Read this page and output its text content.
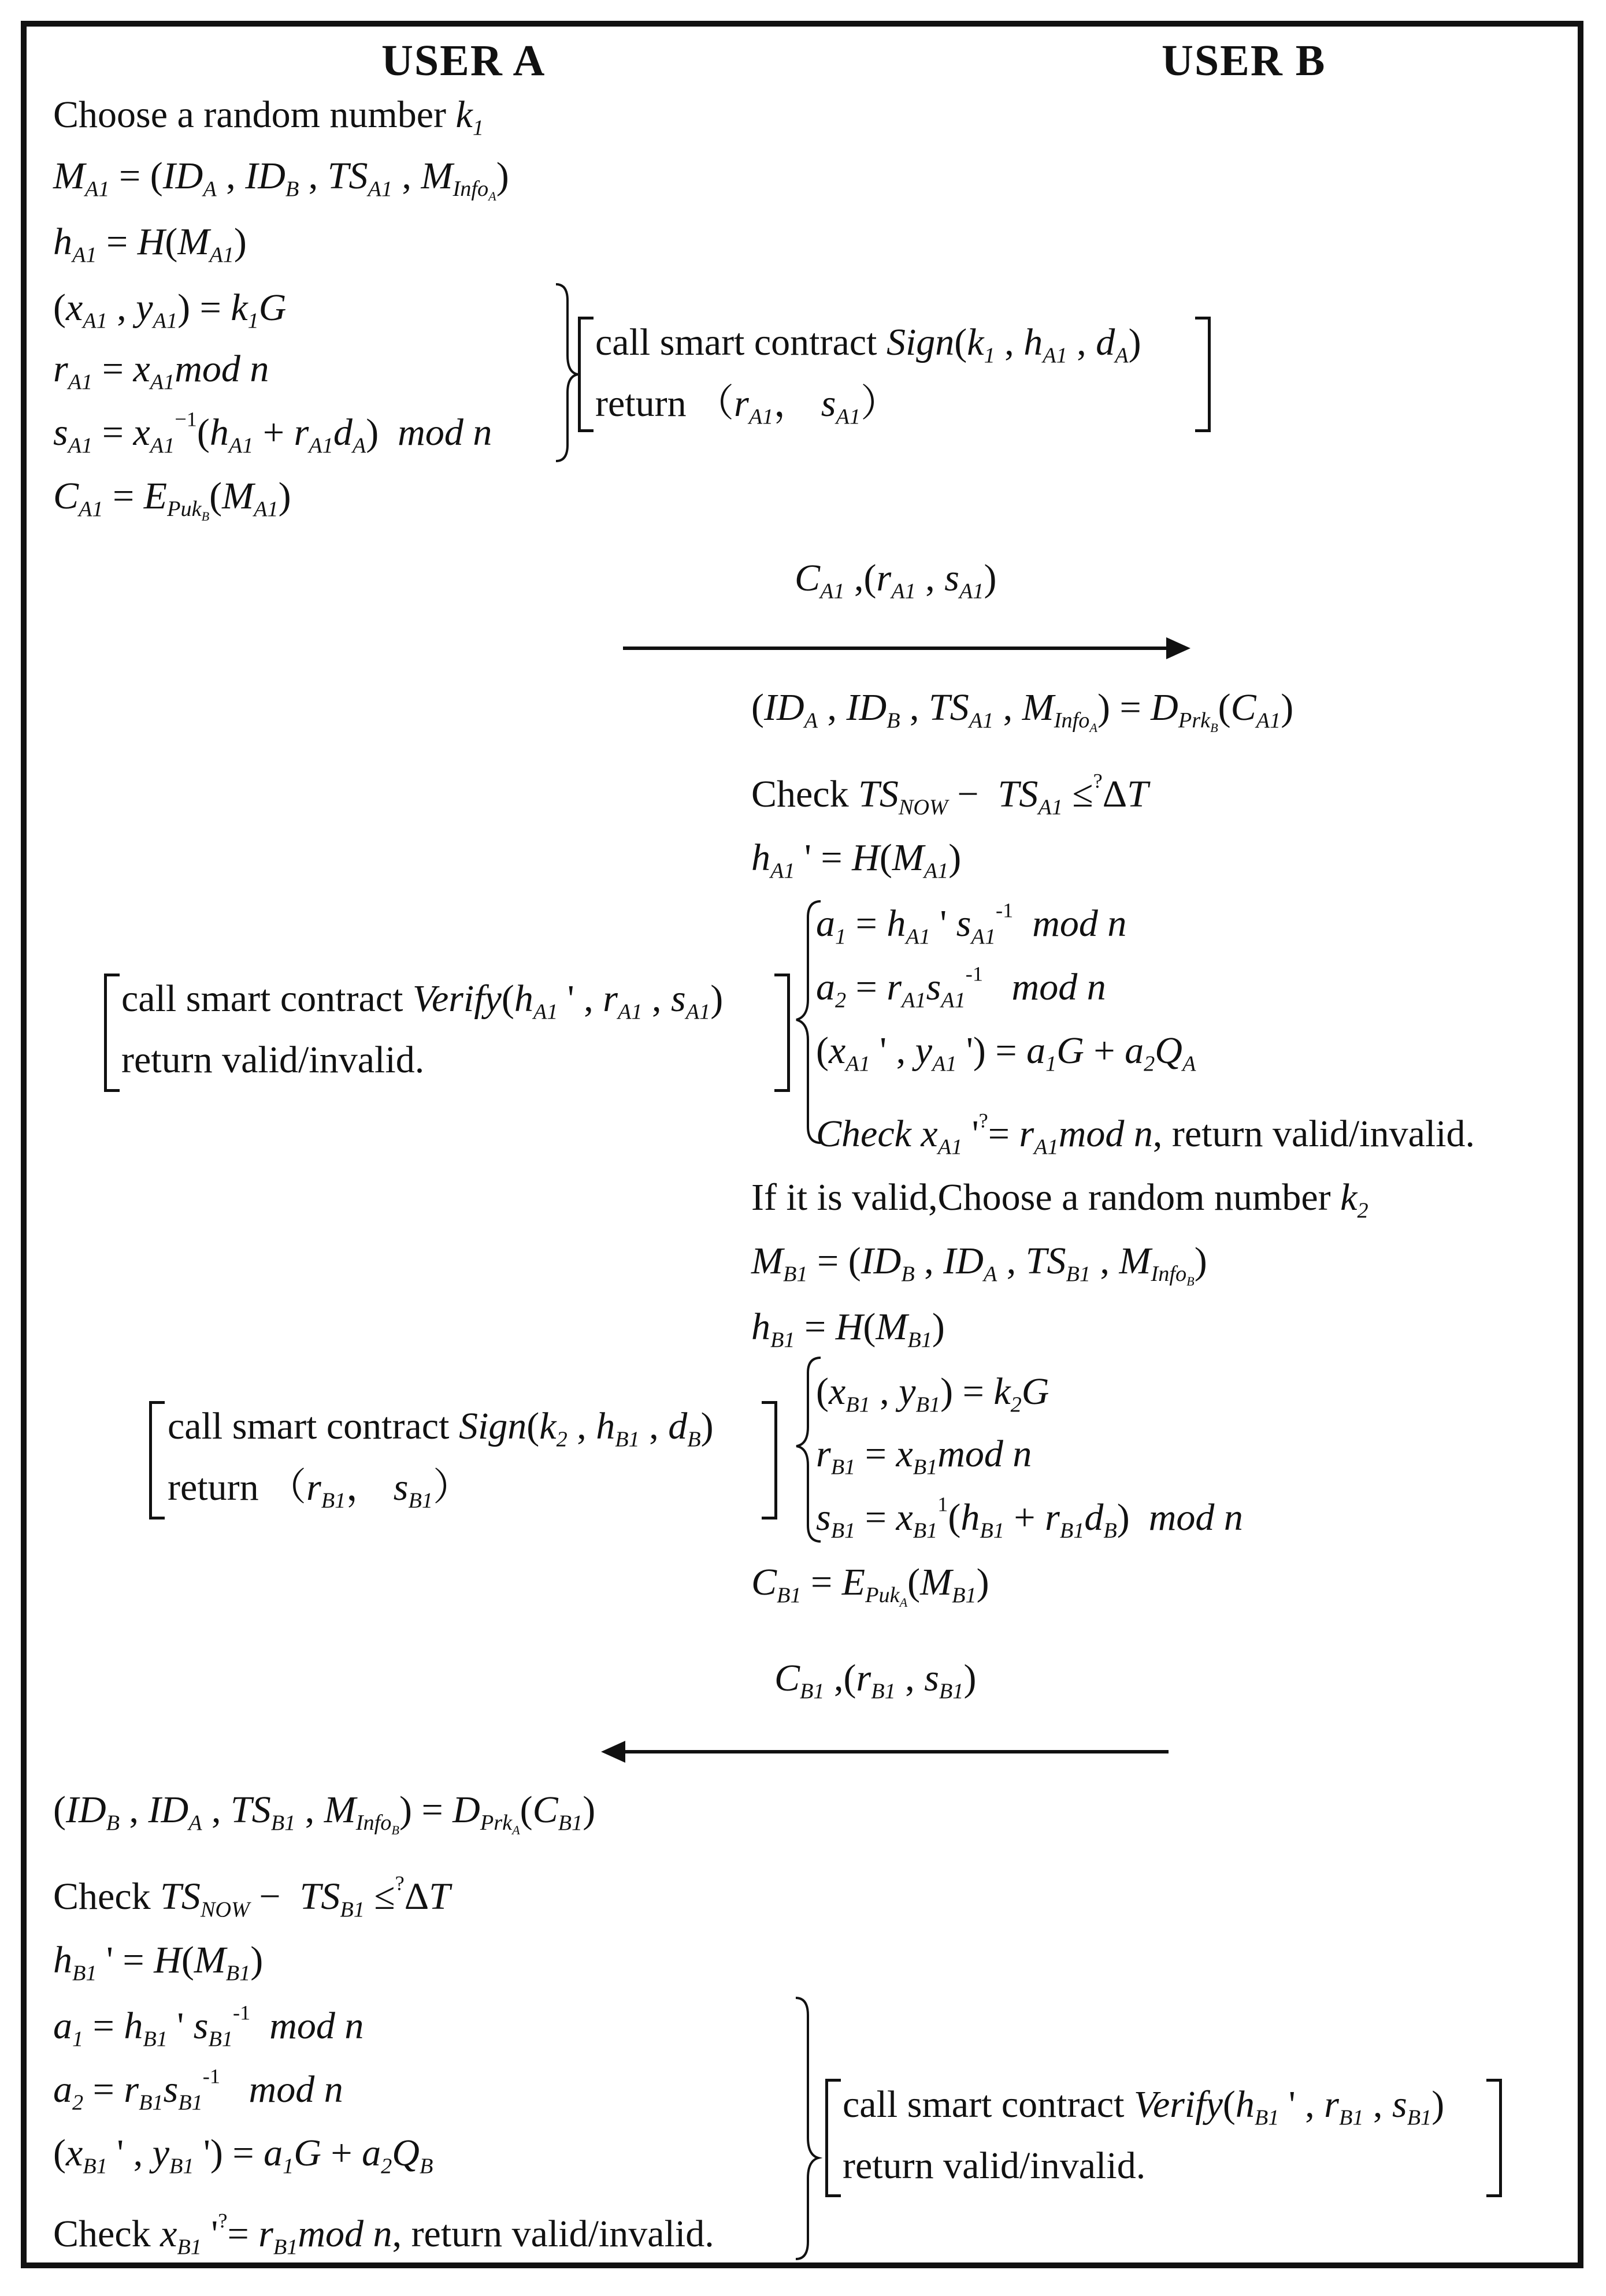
USER A	USER B
Choose a random number $k_1$
$M_{A1} = (ID_A$ , $ID_B$ , $TS_{A1}$ , $M_{Info_A}$)
$h_{A1} = H(M_{A1})$
($x_{A1}$ , $y_{A1}) = k_1G$
$r_{A1} = x_{A1}mod$ n
$s_{A1} = x_{A1}^{-1}(h_{A1} + r_{A1}d_A)$  mod n
$C_{A1} = E_{Puk_B}(M_{A1})$
call smart contract $Sign(k_1$ , $h_{A1}$ , $d_A$)
return （$r_{A1}$， $s_{A1}$）
$C_{A1}$ $,(r_{A1}$ , $s_{A1}$)
($ID_A$ , $ID_B$ , $TS_{A1}$ , $M_{Info_A}) = D_{Prk_B}(C_{A1})$
Check $TS_{NOW} - TS_{A1} \le^?\Delta T$
$h_{A1}$ ' = $H(M_{A1})$
$a_1 = h_{A1}$ ' $s_{A1}^{-1}$ mod n
$a_2 = r_{A1}s_{A1}^{-1}$ mod n
($x_{A1}$ ' , $y_{A1}$ ') = $a_1G + a_2Q_A$
Check $x_{A1}$ '$^?= r_{A1}mod$ n, return valid/invalid.
call smart contract $Verify(h_{A1}$ ' , $r_{A1}$ , $s_{A1}$)
return valid/invalid.
If it is valid,Choose a random number $k_2$
$M_{B1} = (ID_B$ , $ID_A$ , $TS_{B1}$ , $M_{Info_B}$)
$h_{B1} = H(M_{B1})$
($x_{B1}$ , $y_{B1}) = k_2G$
$r_{B1} = x_{B1}mod$ n
$s_{B1} = x_{B1}^1(h_{B1} + r_{B1}d_B)$  mod n
$C_{B1} = E_{Puk_A}(M_{B1})$
call smart contract $Sign(k_2$ , $h_{B1}$ , $d_B$)
return （$r_{B1}$， $s_{B1}$）
$C_{B1}$ $,(r_{B1}$ , $s_{B1}$)
($ID_B$ , $ID_A$ , $TS_{B1}$ , $M_{Info_B}) = D_{Prk_A}(C_{B1})$
Check $TS_{NOW} - TS_{B1} \le^?\Delta T$
$h_{B1}$ ' = $H(M_{B1})$
$a_1 = h_{B1}$ ' $s_{B1}^{-1}$ mod n
$a_2 = r_{B1}s_{B1}^{-1}$ mod n
($x_{B1}$ ' , $y_{B1}$ ') = $a_1G + a_2Q_B$
Check $x_{B1}$ '$^?= r_{B1}mod$ n, return valid/invalid.
call smart contract $Verify(h_{B1}$ ' , $r_{B1}$ , $s_{B1}$)
return valid/invalid.
